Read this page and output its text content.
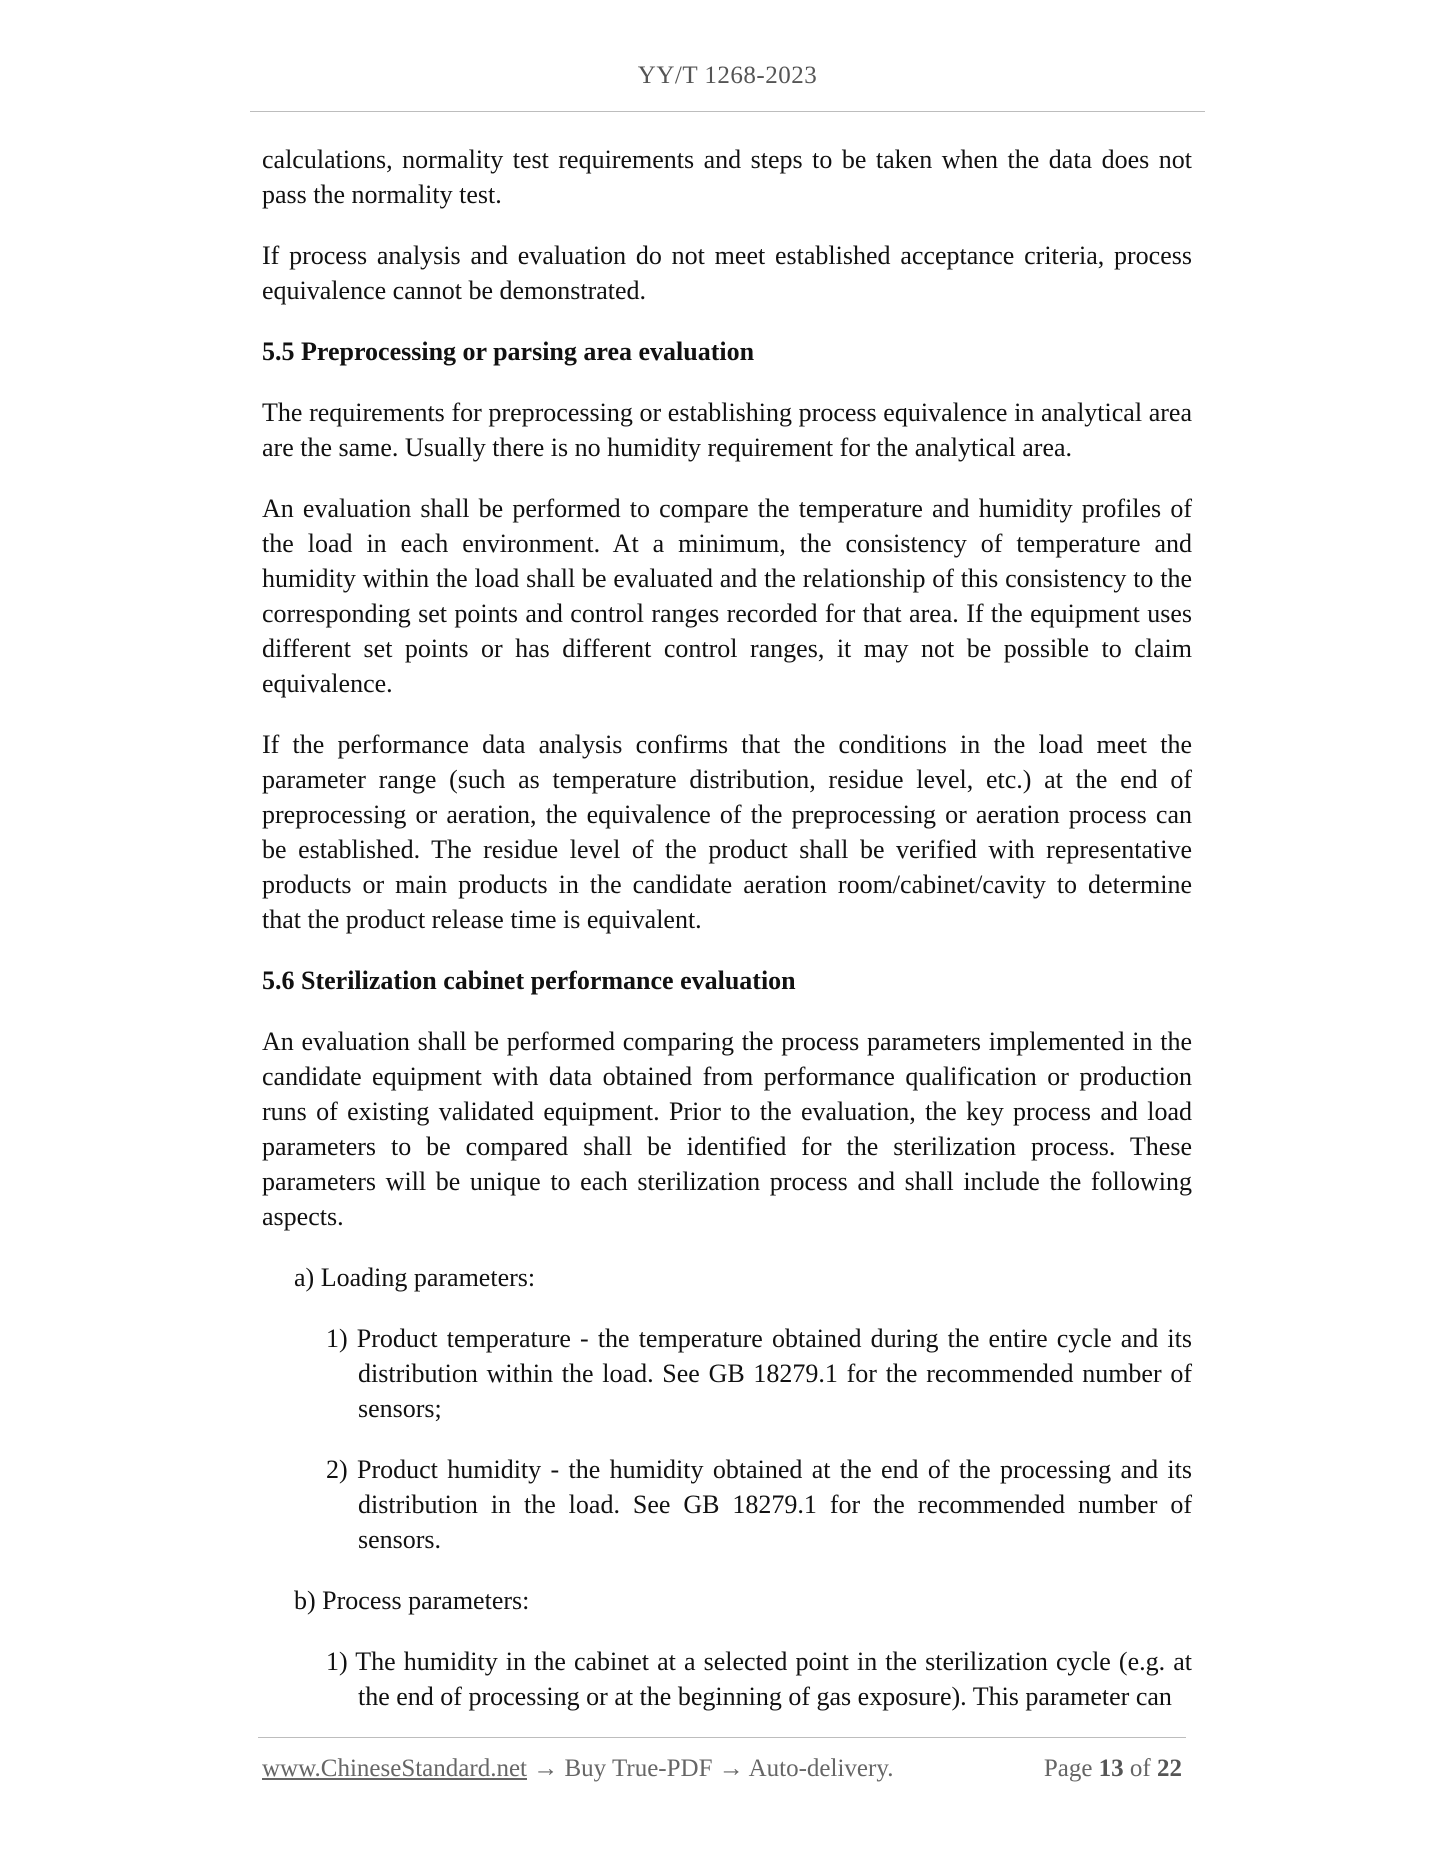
YY/T 1268-2023

calculations, normality test requirements and steps to be taken when the data does not pass the normality test.

If process analysis and evaluation do not meet established acceptance criteria, process equivalence cannot be demonstrated.

5.5 Preprocessing or parsing area evaluation

The requirements for preprocessing or establishing process equivalence in analytical area are the same. Usually there is no humidity requirement for the analytical area.

An evaluation shall be performed to compare the temperature and humidity profiles of the load in each environment. At a minimum, the consistency of temperature and humidity within the load shall be evaluated and the relationship of this consistency to the corresponding set points and control ranges recorded for that area. If the equipment uses different set points or has different control ranges, it may not be possible to claim equivalence.

If the performance data analysis confirms that the conditions in the load meet the parameter range (such as temperature distribution, residue level, etc.) at the end of preprocessing or aeration, the equivalence of the preprocessing or aeration process can be established. The residue level of the product shall be verified with representative products or main products in the candidate aeration room/cabinet/cavity to determine that the product release time is equivalent.

5.6 Sterilization cabinet performance evaluation

An evaluation shall be performed comparing the process parameters implemented in the candidate equipment with data obtained from performance qualification or production runs of existing validated equipment. Prior to the evaluation, the key process and load parameters to be compared shall be identified for the sterilization process. These parameters will be unique to each sterilization process and shall include the following aspects.

a) Loading parameters:
1) Product temperature - the temperature obtained during the entire cycle and its distribution within the load. See GB 18279.1 for the recommended number of sensors;
2) Product humidity - the humidity obtained at the end of the processing and its distribution in the load. See GB 18279.1 for the recommended number of sensors.
b) Process parameters:
1) The humidity in the cabinet at a selected point in the sterilization cycle (e.g. at the end of processing or at the beginning of gas exposure). This parameter can
www.ChineseStandard.net → Buy True-PDF → Auto-delivery.	Page 13 of 22
